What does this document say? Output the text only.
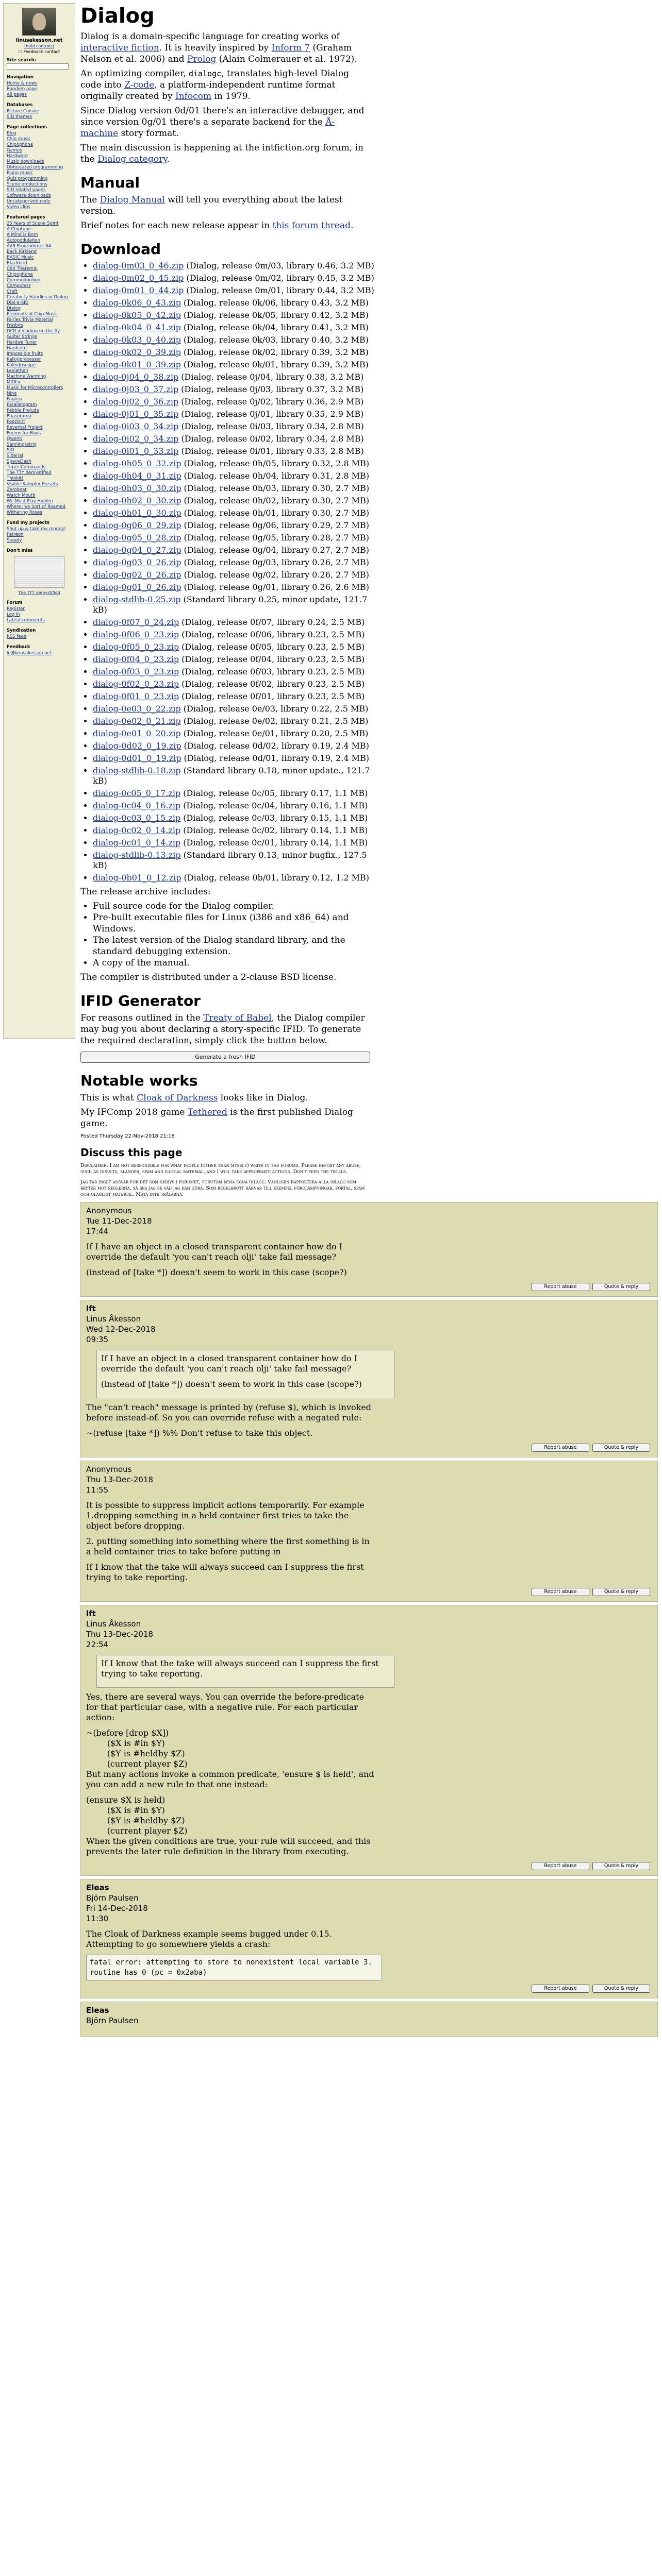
linusakesson.net
(hold controls)
☐ Feedback contact
Site search:
Navigation
Home & news
Random page
All pages
Databases
Picture Cuisine
SID themes
Page collections
Blog
Chip music
Chipophone
Games
Hardware
Music downloads
Obfuscated programming
Piano music
Quiz programming
Scene productions
SID related pages
Software downloads
Uncategorized code
Video clips
Featured pages
25 Years of Scene Spirit
A Chiptune
A Mind is Born
Autopodulation
AVR Programmer 64
Back Kirkland
BASIC Music
Blackbird
C64 Theremin
Chipophone
Commodordion
Computers
Craft
Creativity Handles in Dialog
Dial-a-SID
Dialog
Elements of Chip Music
Fairies Trivia Material
Fratbits
GCR decoding on the fly
Guitar Strings
Hardwa Tuner
Hardcore
Impossible fruits
Kalkylprocesser
Kaleidoscope
Leviathan
Machine Warming
MIDIsc
Music for Microcontrollers
Nine
Paulisp
Parallelogram
Pebble Prelude
Phasorama
Poezisitt
Reverbal Projekt
Poems for Bugs
Qwerty
Sanningsstrig
SID
Siderial
SpaceDash
Timer Commands
The TTY demystified
Thinkit!
Visible Sampler Presets
Zerobeat
Watch Mouth
We Must Play Hidden
Where I've Sort of Roamed
Withering Roses
Fund my projects
Shut up & take my money!
Patreon
Steady
Don't miss
The TTY demystified
Forum
Register
Log in
Latest comments
Syndication
RSS feed
Feedback
lo@linusakesson.net
Dialog

Dialog is a domain-specific language for creating works of interactive fiction. It is heavily inspired by Inform 7 (Graham Nelson et al. 2006) and Prolog (Alain Colmerauer et al. 1972).

An optimizing compiler, dialogc, translates high-level Dialog code into Z-code, a platform-independent runtime format originally created by Infocom in 1979.

Since Dialog version 0d/01 there's an interactive debugger, and since version 0g/01 there's a separate backend for the Å-machine story format.

The main discussion is happening at the intfiction.org forum, in the Dialog category.

Manual

The Dialog Manual will tell you everything about the latest version.

Brief notes for each new release appear in this forum thread.

Download
• dialog-0m03_0_46.zip (Dialog, release 0m/03, library 0.46, 3.2 MB)
• dialog-0m02_0_45.zip (Dialog, release 0m/02, library 0.45, 3.2 MB)
• dialog-0m01_0_44.zip (Dialog, release 0m/01, library 0.44, 3.2 MB)
• dialog-0k06_0_43.zip (Dialog, release 0k/06, library 0.43, 3.2 MB)
• dialog-0k05_0_42.zip (Dialog, release 0k/05, library 0.42, 3.2 MB)
• dialog-0k04_0_41.zip (Dialog, release 0k/04, library 0.41, 3.2 MB)
• dialog-0k03_0_40.zip (Dialog, release 0k/03, library 0.40, 3.2 MB)
• dialog-0k02_0_39.zip (Dialog, release 0k/02, library 0.39, 3.2 MB)
• dialog-0k01_0_39.zip (Dialog, release 0k/01, library 0.39, 3.2 MB)
• dialog-0j04_0_38.zip (Dialog, release 0j/04, library 0.38, 3.2 MB)
• dialog-0j03_0_37.zip (Dialog, release 0j/03, library 0.37, 3.2 MB)
• dialog-0j02_0_36.zip (Dialog, release 0j/02, library 0.36, 2.9 MB)
• dialog-0j01_0_35.zip (Dialog, release 0j/01, library 0.35, 2.9 MB)
• dialog-0i03_0_34.zip (Dialog, release 0i/03, library 0.34, 2.8 MB)
• dialog-0i02_0_34.zip (Dialog, release 0i/02, library 0.34, 2.8 MB)
• dialog-0i01_0_33.zip (Dialog, release 0i/01, library 0.33, 2.8 MB)
• dialog-0h05_0_32.zip (Dialog, release 0h/05, library 0.32, 2.8 MB)
• dialog-0h04_0_31.zip (Dialog, release 0h/04, library 0.31, 2.8 MB)
• dialog-0h03_0_30.zip (Dialog, release 0h/03, library 0.30, 2.7 MB)
• dialog-0h02_0_30.zip (Dialog, release 0h/02, library 0.30, 2.7 MB)
• dialog-0h01_0_30.zip (Dialog, release 0h/01, library 0.30, 2.7 MB)
• dialog-0g06_0_29.zip (Dialog, release 0g/06, library 0.29, 2.7 MB)
• dialog-0g05_0_28.zip (Dialog, release 0g/05, library 0.28, 2.7 MB)
• dialog-0g04_0_27.zip (Dialog, release 0g/04, library 0.27, 2.7 MB)
• dialog-0g03_0_26.zip (Dialog, release 0g/03, library 0.26, 2.7 MB)
• dialog-0g02_0_26.zip (Dialog, release 0g/02, library 0.26, 2.7 MB)
• dialog-0g01_0_26.zip (Dialog, release 0g/01, library 0.26, 2.6 MB)
• dialog-stdlib-0.25.zip (Standard library 0.25, minor update, 121.7 kB)
• dialog-0f07_0_24.zip (Dialog, release 0f/07, library 0.24, 2.5 MB)
• dialog-0f06_0_23.zip (Dialog, release 0f/06, library 0.23, 2.5 MB)
• dialog-0f05_0_23.zip (Dialog, release 0f/05, library 0.23, 2.5 MB)
• dialog-0f04_0_23.zip (Dialog, release 0f/04, library 0.23, 2.5 MB)
• dialog-0f03_0_23.zip (Dialog, release 0f/03, library 0.23, 2.5 MB)
• dialog-0f02_0_23.zip (Dialog, release 0f/02, library 0.23, 2.5 MB)
• dialog-0f01_0_23.zip (Dialog, release 0f/01, library 0.23, 2.5 MB)
• dialog-0e03_0_22.zip (Dialog, release 0e/03, library 0.22, 2.5 MB)
• dialog-0e02_0_21.zip (Dialog, release 0e/02, library 0.21, 2.5 MB)
• dialog-0e01_0_20.zip (Dialog, release 0e/01, library 0.20, 2.5 MB)
• dialog-0d02_0_19.zip (Dialog, release 0d/02, library 0.19, 2.4 MB)
• dialog-0d01_0_19.zip (Dialog, release 0d/01, library 0.19, 2.4 MB)
• dialog-stdlib-0.18.zip (Standard library 0.18, minor update., 121.7 kB)
• dialog-0c05_0_17.zip (Dialog, release 0c/05, library 0.17, 1.1 MB)
• dialog-0c04_0_16.zip (Dialog, release 0c/04, library 0.16, 1.1 MB)
• dialog-0c03_0_15.zip (Dialog, release 0c/03, library 0.15, 1.1 MB)
• dialog-0c02_0_14.zip (Dialog, release 0c/02, library 0.14, 1.1 MB)
• dialog-0c01_0_14.zip (Dialog, release 0c/01, library 0.14, 1.1 MB)
• dialog-stdlib-0.13.zip (Standard library 0.13, minor bugfix., 127.5 kB)
• dialog-0b01_0_12.zip (Dialog, release 0b/01, library 0.12, 1.2 MB)

The release archive includes:

• Full source code for the Dialog compiler.
• Pre-built executable files for Linux (i386 and x86_64) and Windows.
• The latest version of the Dialog standard library, and the standard debugging extension.
• A copy of the manual.

The compiler is distributed under a 2-clause BSD license.

IFID Generator

For reasons outlined in the Treaty of Babel, the Dialog compiler may bug you about declaring a story-specific IFID. To generate the required declaration, simply click the button below.

Generate a fresh IFID
Notable works

This is what Cloak of Darkness looks like in Dialog.

My IFComp 2018 game Tethered is the first published Dialog game.

Posted Thursday 22-Nov-2018 21:18
Discuss this page
Disclaimer: I am not responsible for what people (other than myself) write in the forums. Please report any abuse, such as insults, slander, spam and illegal material, and I will take appropriate actions. Don't feed the trolls.
Jag tar inget ansvar för det som skrivs i forumet, förutom mina egna inlägg. Vänligen rapportera alla inlägg som bryter mot reglerna, så ska jag se vad jag kan göra. Som regelbrott räknas till exempel förolämpningar, förtal, spam och olagligt material. Mata inte trålarna.
Anonymous
Tue 11-Dec-2018
17:44

If I have an object in a closed transparent container how do I override the default 'you can't reach olji' take fail message?

(instead of [take *]) doesn't seem to work in this case (scope?)

Report abuse	Quote & reply
lft
Linus Åkesson
Wed 12-Dec-2018
09:35

If I have an object in a closed transparent container how do I override the default 'you can't reach olji' take fail message?

(instead of [take *]) doesn't seem to work in this case (scope?)

The "can't reach" message is printed by (refuse $), which is invoked before instead-of. So you can override refuse with a negated rule:

~(refuse [take *]) %% Don't refuse to take this object.

Report abuse	Quote & reply
Anonymous
Thu 13-Dec-2018
11:55

It is possible to suppress implicit actions temporarily. For example
1.dropping something in a held container first tries to take the object before dropping.

2. putting something into something where the first something is in a held container tries to take before putting in

If I know that the take will always succeed can I suppress the first trying to take reporting.

Report abuse	Quote & reply
lft
Linus Åkesson
Thu 13-Dec-2018
22:54

If I know that the take will always succeed can I suppress the first trying to take reporting.

Yes, there are several ways. You can override the before-predicate for that particular case, with a negative rule. For each particular action:

~(before [drop $X])
($X is #in $Y)
($Y is #heldby $Z)
(current player $Z)

But many actions invoke a common predicate, 'ensure $ is held', and you can add a new rule to that one instead:

(ensure $X is held)
($X is #in $Y)
($Y is #heldby $Z)
(current player $Z)

When the given conditions are true, your rule will succeed, and this prevents the later rule definition in the library from executing.

Report abuse	Quote & reply
Eleas
Björn Paulsen
Fri 14-Dec-2018
11:30

The Cloak of Darkness example seems bugged under 0.15. Attempting to go somewhere yields a crash:

fatal error: attempting to store to nonexistent local variable 3.
routine has 0 (pc = 0x2aba)
Report abuse	Quote & reply
Eleas
Björn Paulsen
